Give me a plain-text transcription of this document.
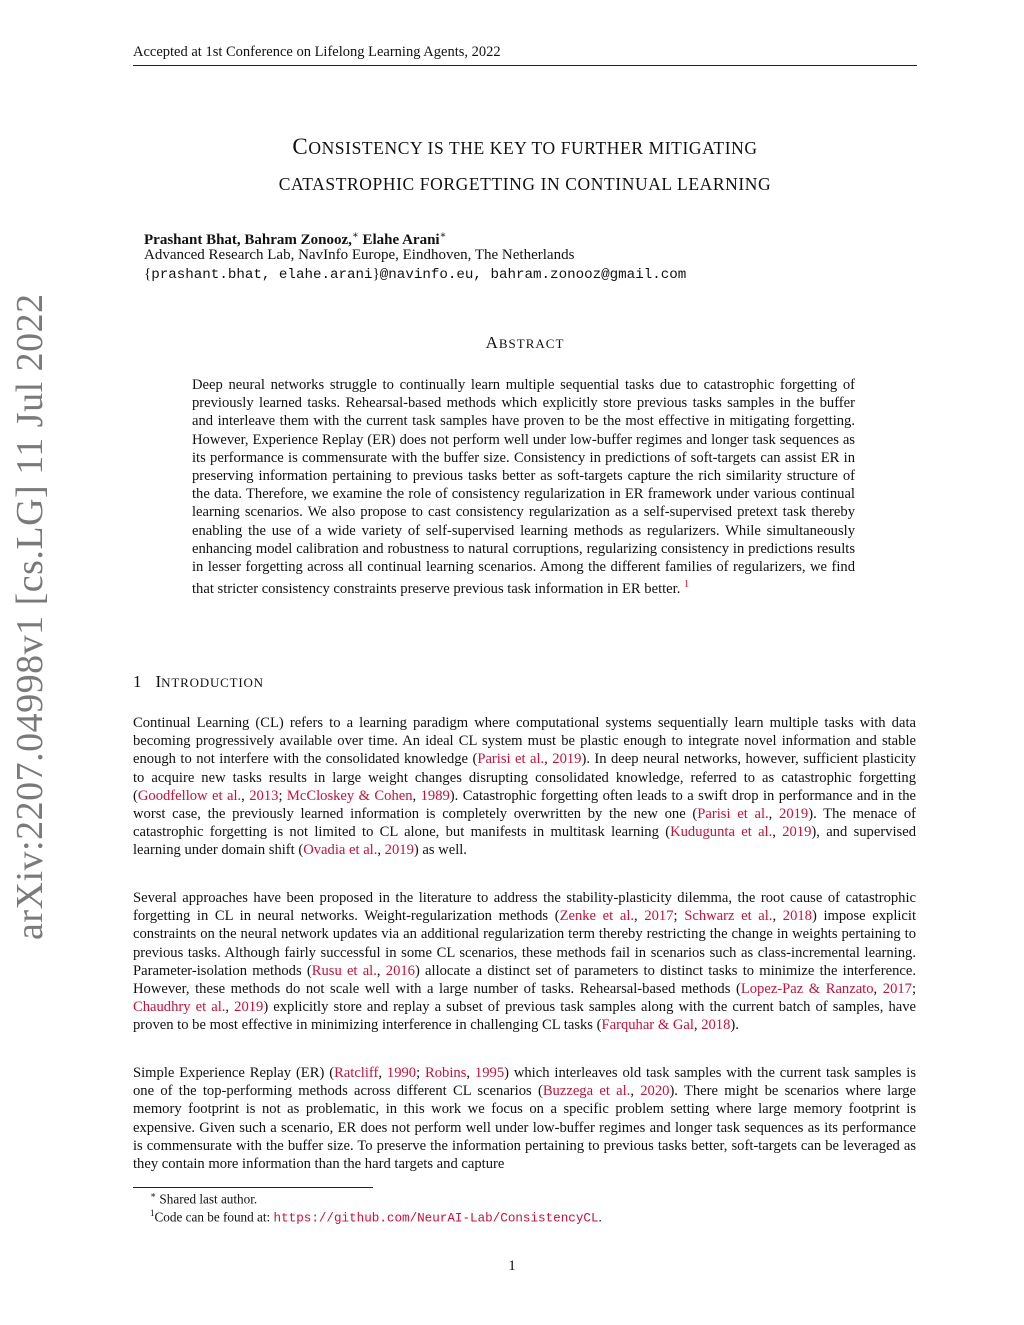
Accepted at 1st Conference on Lifelong Learning Agents, 2022
arXiv:2207.04998v1 [cs.LG] 11 Jul 2022
CONSISTENCY IS THE KEY TO FURTHER MITIGATING
CATASTROPHIC FORGETTING IN CONTINUAL LEARNING
Prashant Bhat, Bahram Zonooz,∗ Elahe Arani∗
Advanced Research Lab, NavInfo Europe, Eindhoven, The Netherlands
{prashant.bhat, elahe.arani}@navinfo.eu, bahram.zonooz@gmail.com
ABSTRACT
Deep neural networks struggle to continually learn multiple sequential tasks due to catastrophic forgetting of previously learned tasks. Rehearsal-based methods which explicitly store previous tasks samples in the buffer and interleave them with the current task samples have proven to be the most effective in mitigating forgetting. However, Experience Replay (ER) does not perform well under low-buffer regimes and longer task sequences as its performance is commensurate with the buffer size. Consistency in predictions of soft-targets can assist ER in preserving information pertaining to previous tasks better as soft-targets capture the rich similarity structure of the data. Therefore, we examine the role of consistency regularization in ER framework under various continual learning scenarios. We also propose to cast consistency regularization as a self-supervised pretext task thereby enabling the use of a wide variety of self-supervised learning methods as regularizers. While simultaneously enhancing model calibration and robustness to natural corruptions, regularizing consistency in predictions results in lesser forgetting across all continual learning scenarios. Among the different families of regularizers, we find that stricter consistency constraints preserve previous task information in ER better. $^1$
1 INTRODUCTION
Continual Learning (CL) refers to a learning paradigm where computational systems sequentially learn multiple tasks with data becoming progressively available over time. An ideal CL system must be plastic enough to integrate novel information and stable enough to not interfere with the consolidated knowledge (Parisi et al., 2019). In deep neural networks, however, sufficient plasticity to acquire new tasks results in large weight changes disrupting consolidated knowledge, referred to as catastrophic forgetting (Goodfellow et al., 2013; McCloskey & Cohen, 1989). Catastrophic forgetting often leads to a swift drop in performance and in the worst case, the previously learned information is completely overwritten by the new one (Parisi et al., 2019). The menace of catastrophic forgetting is not limited to CL alone, but manifests in multitask learning (Kudugunta et al., 2019), and supervised learning under domain shift (Ovadia et al., 2019) as well.
Several approaches have been proposed in the literature to address the stability-plasticity dilemma, the root cause of catastrophic forgetting in CL in neural networks. Weight-regularization methods (Zenke et al., 2017; Schwarz et al., 2018) impose explicit constraints on the neural network updates via an additional regularization term thereby restricting the change in weights pertaining to previous tasks. Although fairly successful in some CL scenarios, these methods fail in scenarios such as class-incremental learning. Parameter-isolation methods (Rusu et al., 2016) allocate a distinct set of parameters to distinct tasks to minimize the interference. However, these methods do not scale well with a large number of tasks. Rehearsal-based methods (Lopez-Paz & Ranzato, 2017; Chaudhry et al., 2019) explicitly store and replay a subset of previous task samples along with the current batch of samples, have proven to be most effective in minimizing interference in challenging CL tasks (Farquhar & Gal, 2018).
Simple Experience Replay (ER) (Ratcliff, 1990; Robins, 1995) which interleaves old task samples with the current task samples is one of the top-performing methods across different CL scenarios (Buzzega et al., 2020). There might be scenarios where large memory footprint is not as problematic, in this work we focus on a specific problem setting where large memory footprint is expensive. Given such a scenario, ER does not perform well under low-buffer regimes and longer task sequences as its performance is commensurate with the buffer size. To preserve the information pertaining to previous tasks better, soft-targets can be leveraged as they contain more information than the hard targets and capture
∗ Shared last author.
$^1$Code can be found at: https://github.com/NeurAI-Lab/ConsistencyCL.
1
